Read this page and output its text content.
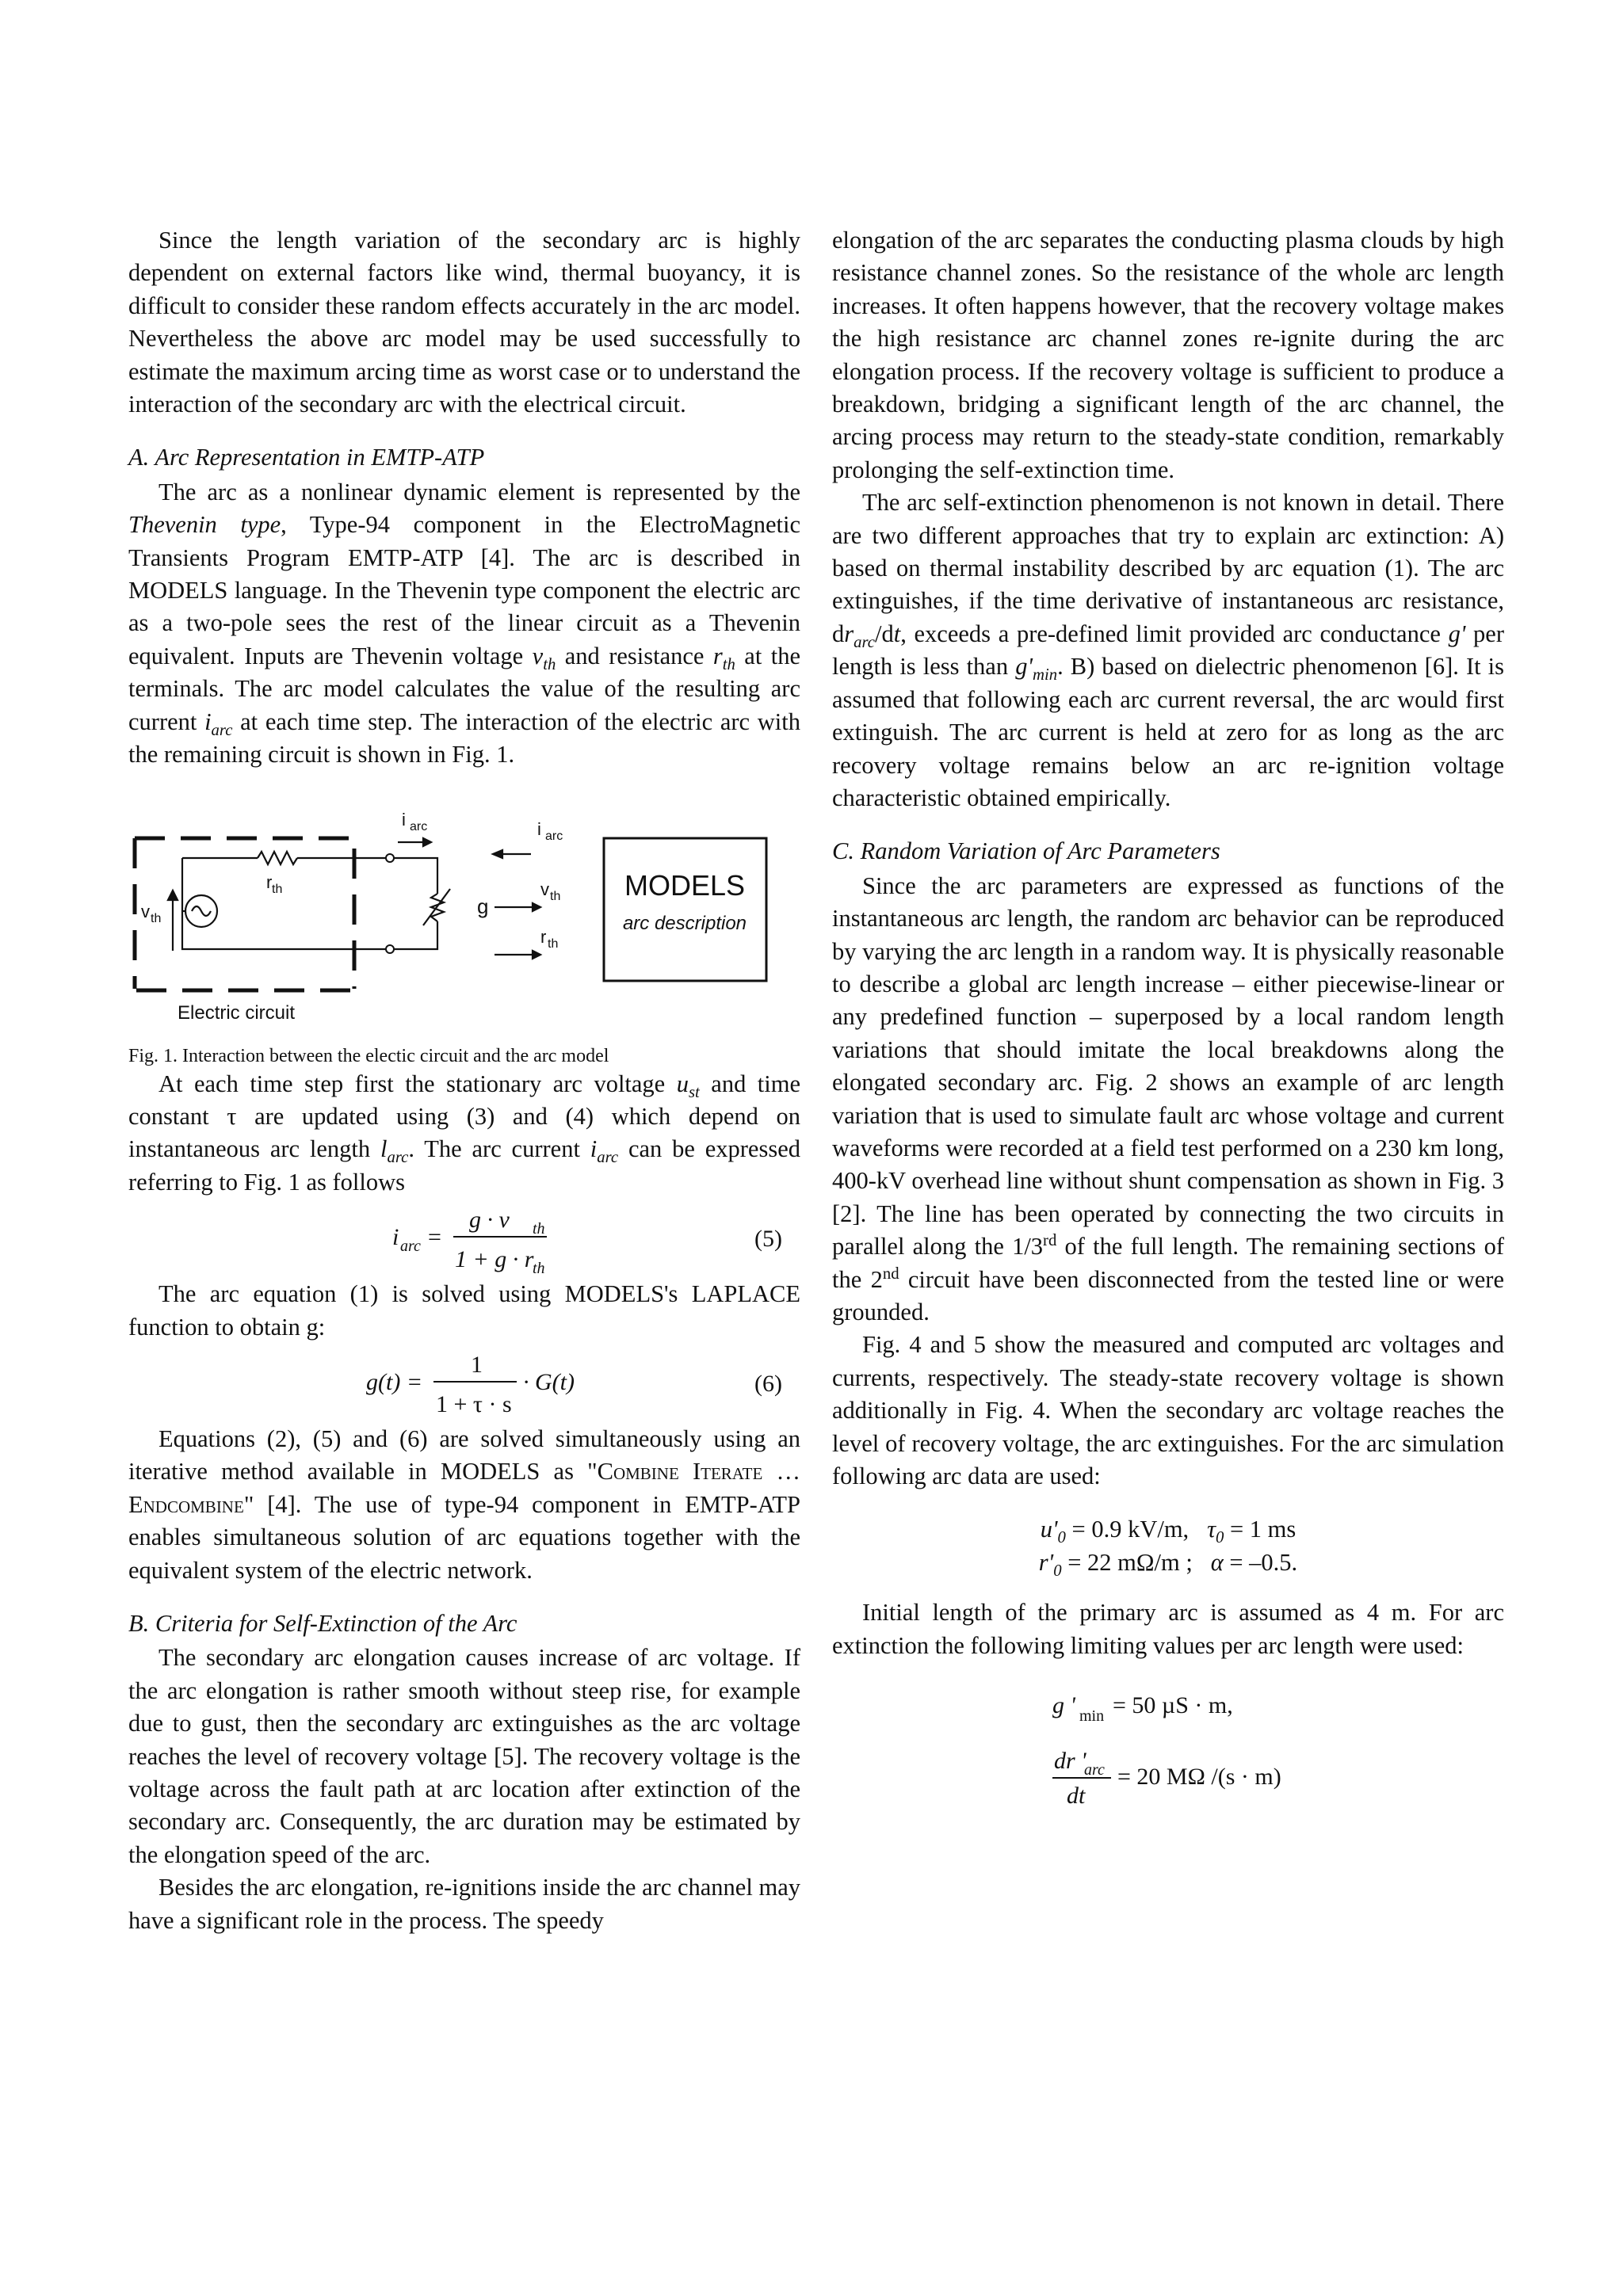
Since the length variation of the secondary arc is highly dependent on external factors like wind, thermal buoyancy, it is difficult to consider these random effects accurately in the arc model. Nevertheless the above arc model may be used successfully to estimate the maximum arcing time as worst case or to understand the interaction of the secondary arc with the electrical circuit.

A. Arc Representation in EMTP-ATP

The arc as a nonlinear dynamic element is represented by the Thevenin type, Type-94 component in the ElectroMagnetic Transients Program EMTP-ATP [4]. The arc is described in MODELS language. In the Thevenin type component the electric arc as a two-pole sees the rest of the linear circuit as a Thevenin equivalent. Inputs are Thevenin voltage $v_{th}$ and resistance $r_{th}$ at the terminals. The arc model calculates the value of the resulting arc current $i_{arc}$ at each time step. The interaction of the electric arc with the remaining circuit is shown in Fig. 1.

i arc
r th
v th
g
i arc
v th
r th
MODELS
arc description
Electric circuit

Fig. 1. Interaction between the electic circuit and the arc model

At each time step first the stationary arc voltage $u_{st}$ and time constant τ are updated using (3) and (4) which depend on instantaneous arc length $l_{arc}$. The arc current $i_{arc}$ can be expressed referring to Fig. 1 as follows

i arc =
g · v th
1 + g · r
th
(5)

The arc equation (1) is solved using MODELS's LAPLACE function to obtain g:

g(t) =
1
1 + τ · s
· G(t)	(6)

Equations (2), (5) and (6) are solved simultaneously using an iterative method available in MODELS as "Combine Iterate … Endcombine" [4]. The use of type-94 component in EMTP-ATP enables simultaneous solution of arc equations together with the equivalent system of the electric network.

B. Criteria for Self-Extinction of the Arc

The secondary arc elongation causes increase of arc voltage. If the arc elongation is rather smooth without steep rise, for example due to gust, then the secondary arc extinguishes as the arc voltage reaches the level of recovery voltage [5]. The recovery voltage is the voltage across the fault path at arc location after extinction of the secondary arc. Consequently, the arc duration may be estimated by the elongation speed of the arc.

Besides the arc elongation, re-ignitions inside the arc channel may have a significant role in the process. The speedy

elongation of the arc separates the conducting plasma clouds by high resistance channel zones. So the resistance of the whole arc length increases. It often happens however, that the recovery voltage makes the high resistance arc channel zones re-ignite during the arc elongation process. If the recovery voltage is sufficient to produce a breakdown, bridging a significant length of the arc channel, the arcing process may return to the steady-state condition, remarkably prolonging the self-extinction time.

The arc self-extinction phenomenon is not known in detail. There are two different approaches that try to explain arc extinction: A) based on thermal instability described by arc equation (1). The arc extinguishes, if the time derivative of instantaneous arc resistance, $dr_{arc}/dt$, exceeds a pre-defined limit provided arc conductance g' per length is less than $g'_{min}$. B) based on dielectric phenomenon [6]. It is assumed that following each arc current reversal, the arc would first extinguish. The arc current is held at zero for as long as the arc recovery voltage remains below an arc re-ignition voltage characteristic obtained empirically.

C. Random Variation of Arc Parameters

Since the arc parameters are expressed as functions of the instantaneous arc length, the random arc behavior can be reproduced by varying the arc length in a random way. It is physically reasonable to describe a global arc length increase – either piecewise-linear or any predefined function – superposed by a local random length variations that should imitate the local breakdowns along the elongated secondary arc. Fig. 2 shows an example of arc length variation that is used to simulate fault arc whose voltage and current waveforms were recorded at a field test performed on a 230 km long, 400-kV overhead line without shunt compensation as shown in Fig. 3 [2]. The line has been operated by connecting the two circuits in parallel along the 1/3rd of the full length. The remaining sections of the 2nd circuit have been disconnected from the tested line or were grounded.

Fig. 4 and 5 show the measured and computed arc voltages and currents, respectively. The steady-state recovery voltage is shown additionally in Fig. 4. When the secondary arc voltage reaches the level of recovery voltage, the arc extinguishes. For the arc simulation following arc data are used:

$u'_0 = 0.9$ kV/m,   $\tau_0 = 1$ ms
$r'_0 = 22$ mΩ/m ;   α = –0.5.

Initial length of the primary arc is assumed as 4 m. For arc extinction the following limiting values per arc length were used:

g ' min = 50 µS · m,
dr '
arc
dt
= 20 MΩ /(s · m)
